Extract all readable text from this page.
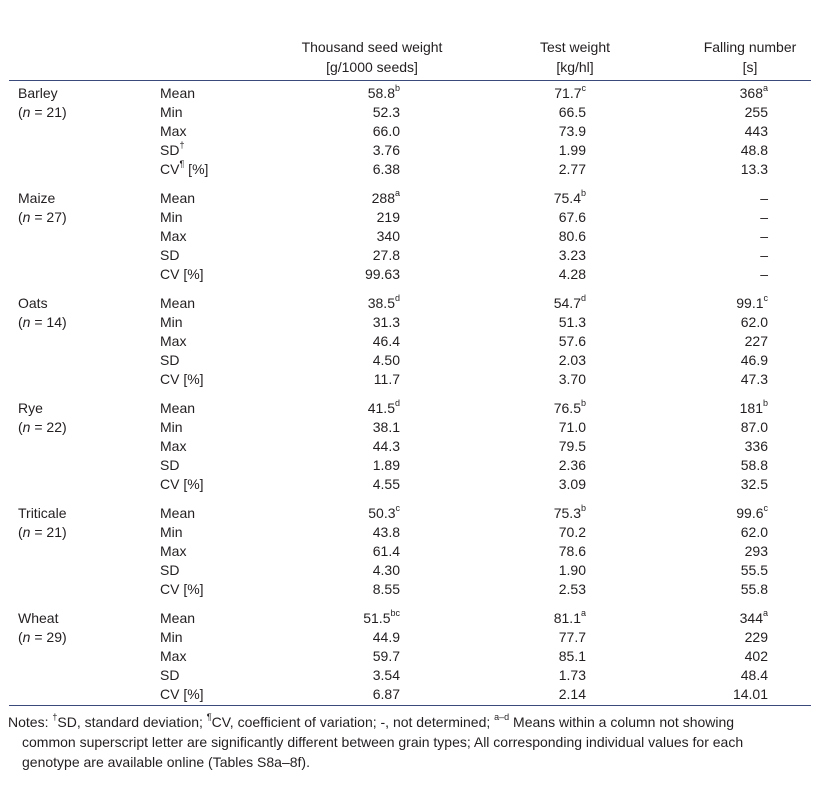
Thousand seed weight
[g/1000 seeds]
Test weight
[kg/hl]
Falling number
[s]
Barley
(n = 21)
Mean	58.8$^b$	71.7$^c$	368$^a$
Min	52.3	66.5	255
Max	66.0	73.9	443
SD†	3.76	1.99	48.8
CV¶ [%]	6.38	2.77	13.3
Maize
(n = 27)
Mean	288$^a$	75.4$^b$	–
Min	219	67.6	–
Max	340	80.6	–
SD	27.8	3.23	–
CV [%]	99.63	4.28	–
Oats
(n = 14)
Mean	38.5$^d$	54.7$^d$	99.1$^c$
Min	31.3	51.3	62.0
Max	46.4	57.6	227
SD	4.50	2.03	46.9
CV [%]	11.7	3.70	47.3
Rye
(n = 22)
Mean	41.5$^d$	76.5$^b$	181$^b$
Min	38.1	71.0	87.0
Max	44.3	79.5	336
SD	1.89	2.36	58.8
CV [%]	4.55	3.09	32.5
Triticale
(n = 21)
Mean	50.3$^c$	75.3$^b$	99.6$^c$
Min	43.8	70.2	62.0
Max	61.4	78.6	293
SD	4.30	1.90	55.5
CV [%]	8.55	2.53	55.8
Wheat
(n = 29)
Mean	51.5$^{bc}$	81.1$^a$	344$^a$
Min	44.9	77.7	229
Max	59.7	85.1	402
SD	3.54	1.73	48.4
CV [%]	6.87	2.14	14.01
Notes: †SD, standard deviation; ¶CV, coefficient of variation; -, not determined; $^{a-d}$ Means within a column not showing
common superscript letter are significantly different between grain types; All corresponding individual values for each
genotype are available online (Tables S8a–8f).
